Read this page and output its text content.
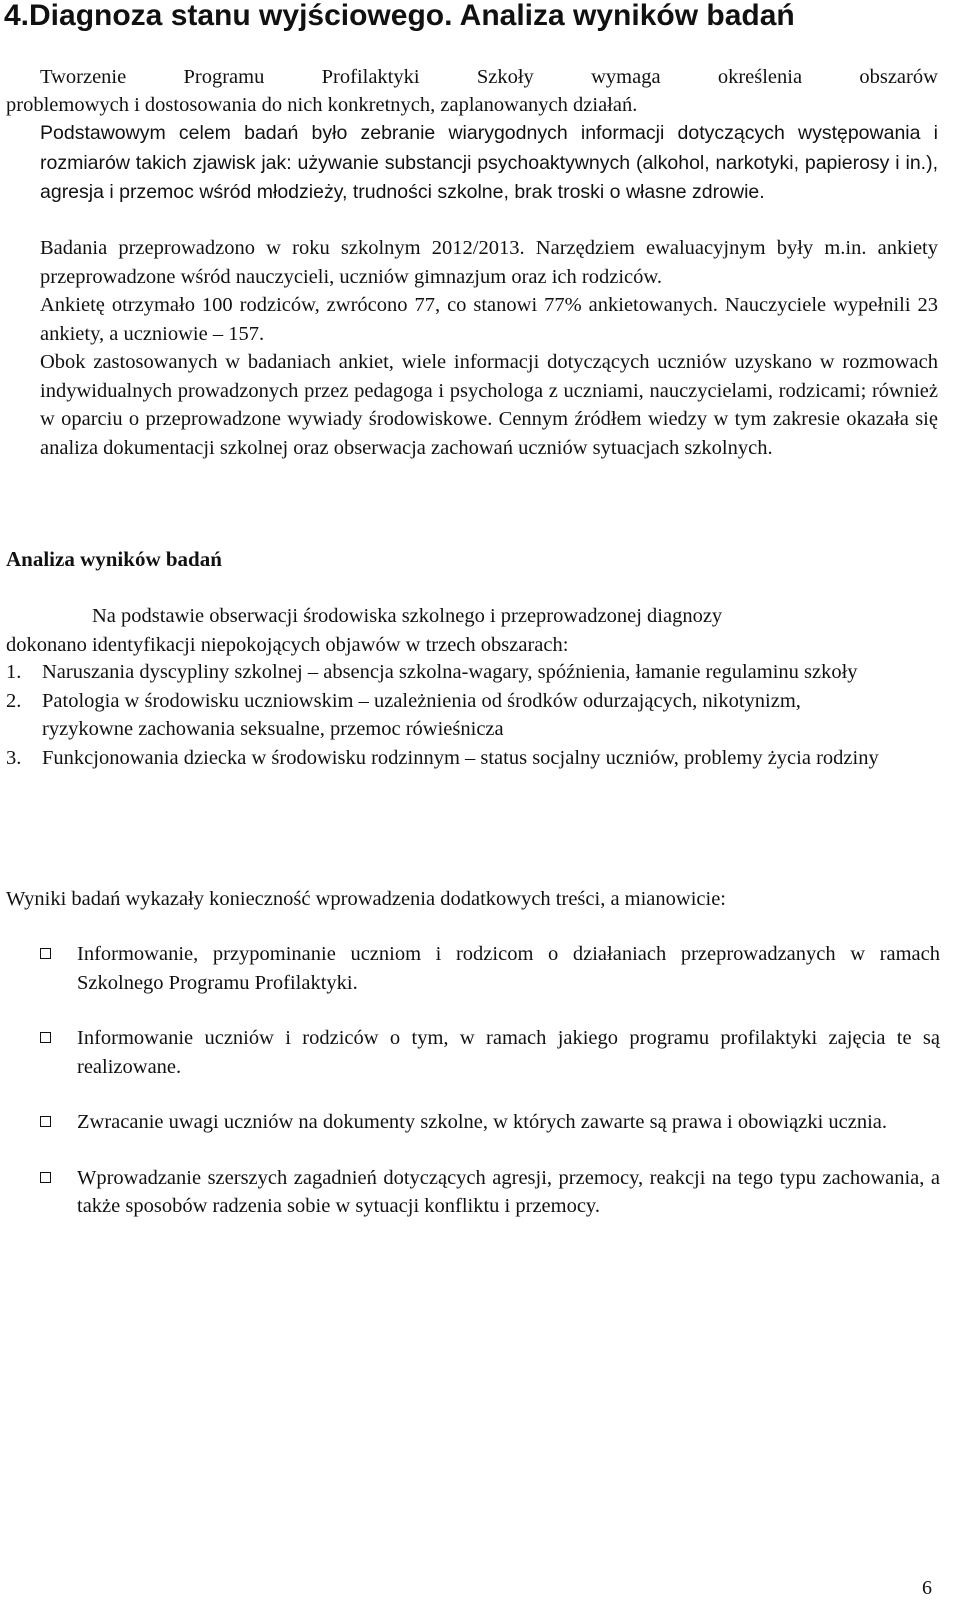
4.Diagnoza stanu wyjściowego. Analiza wyników badań
Tworzenie	Programu	Profilaktyki	Szkoły	wymaga	określenia	obszarów

problemowych i dostosowania do nich konkretnych, zaplanowanych działań.

Podstawowym celem badań było zebranie wiarygodnych informacji dotyczących występowania i rozmiarów takich zjawisk jak: używanie substancji psychoaktywnych (alkohol, narkotyki, papierosy i in.), agresja i przemoc wśród młodzieży, trudności szkolne, brak troski o własne zdrowie.

Badania przeprowadzono w roku szkolnym 2012/2013. Narzędziem ewaluacyjnym były m.in. ankiety przeprowadzone wśród nauczycieli, uczniów gimnazjum oraz ich rodziców.

Ankietę otrzymało 100 rodziców, zwrócono 77, co stanowi 77% ankietowanych. Nauczyciele wypełnili 23 ankiety, a uczniowie – 157.

Obok zastosowanych w badaniach ankiet, wiele informacji dotyczących uczniów uzyskano w rozmowach indywidualnych prowadzonych przez pedagoga i psychologa z uczniami, nauczycielami, rodzicami; również w oparciu o przeprowadzone wywiady środowiskowe. Cennym źródłem wiedzy w tym zakresie okazała się analiza dokumentacji szkolnej oraz obserwacja zachowań uczniów sytuacjach szkolnych.

Analiza wyników badań

Na podstawie obserwacji środowiska szkolnego i przeprowadzonej diagnozy
dokonano identyfikacji niepokojących objawów w trzech obszarach:

1. Naruszania dyscypliny szkolnej – absencja szkolna-wagary, spóźnienia, łamanie regulaminu szkoły
2. Patologia w środowisku uczniowskim – uzależnienia od środków odurzających, nikotynizm, ryzykowne zachowania seksualne, przemoc rówieśnicza
3. Funkcjonowania dziecka w środowisku rodzinnym – status socjalny uczniów, problemy życia rodziny

Wyniki badań wykazały konieczność wprowadzenia dodatkowych treści, a mianowicie:

Informowanie, przypominanie uczniom i rodzicom o działaniach przeprowadzanych w ramach Szkolnego Programu Profilaktyki.
Informowanie uczniów i rodziców o tym, w ramach jakiego programu profilaktyki zajęcia te są realizowane.
Zwracanie uwagi uczniów na dokumenty szkolne, w których zawarte są prawa i obowiązki ucznia.
Wprowadzanie szerszych zagadnień dotyczących agresji, przemocy, reakcji na tego typu zachowania, a także sposobów radzenia sobie w sytuacji konfliktu i przemocy.

6
